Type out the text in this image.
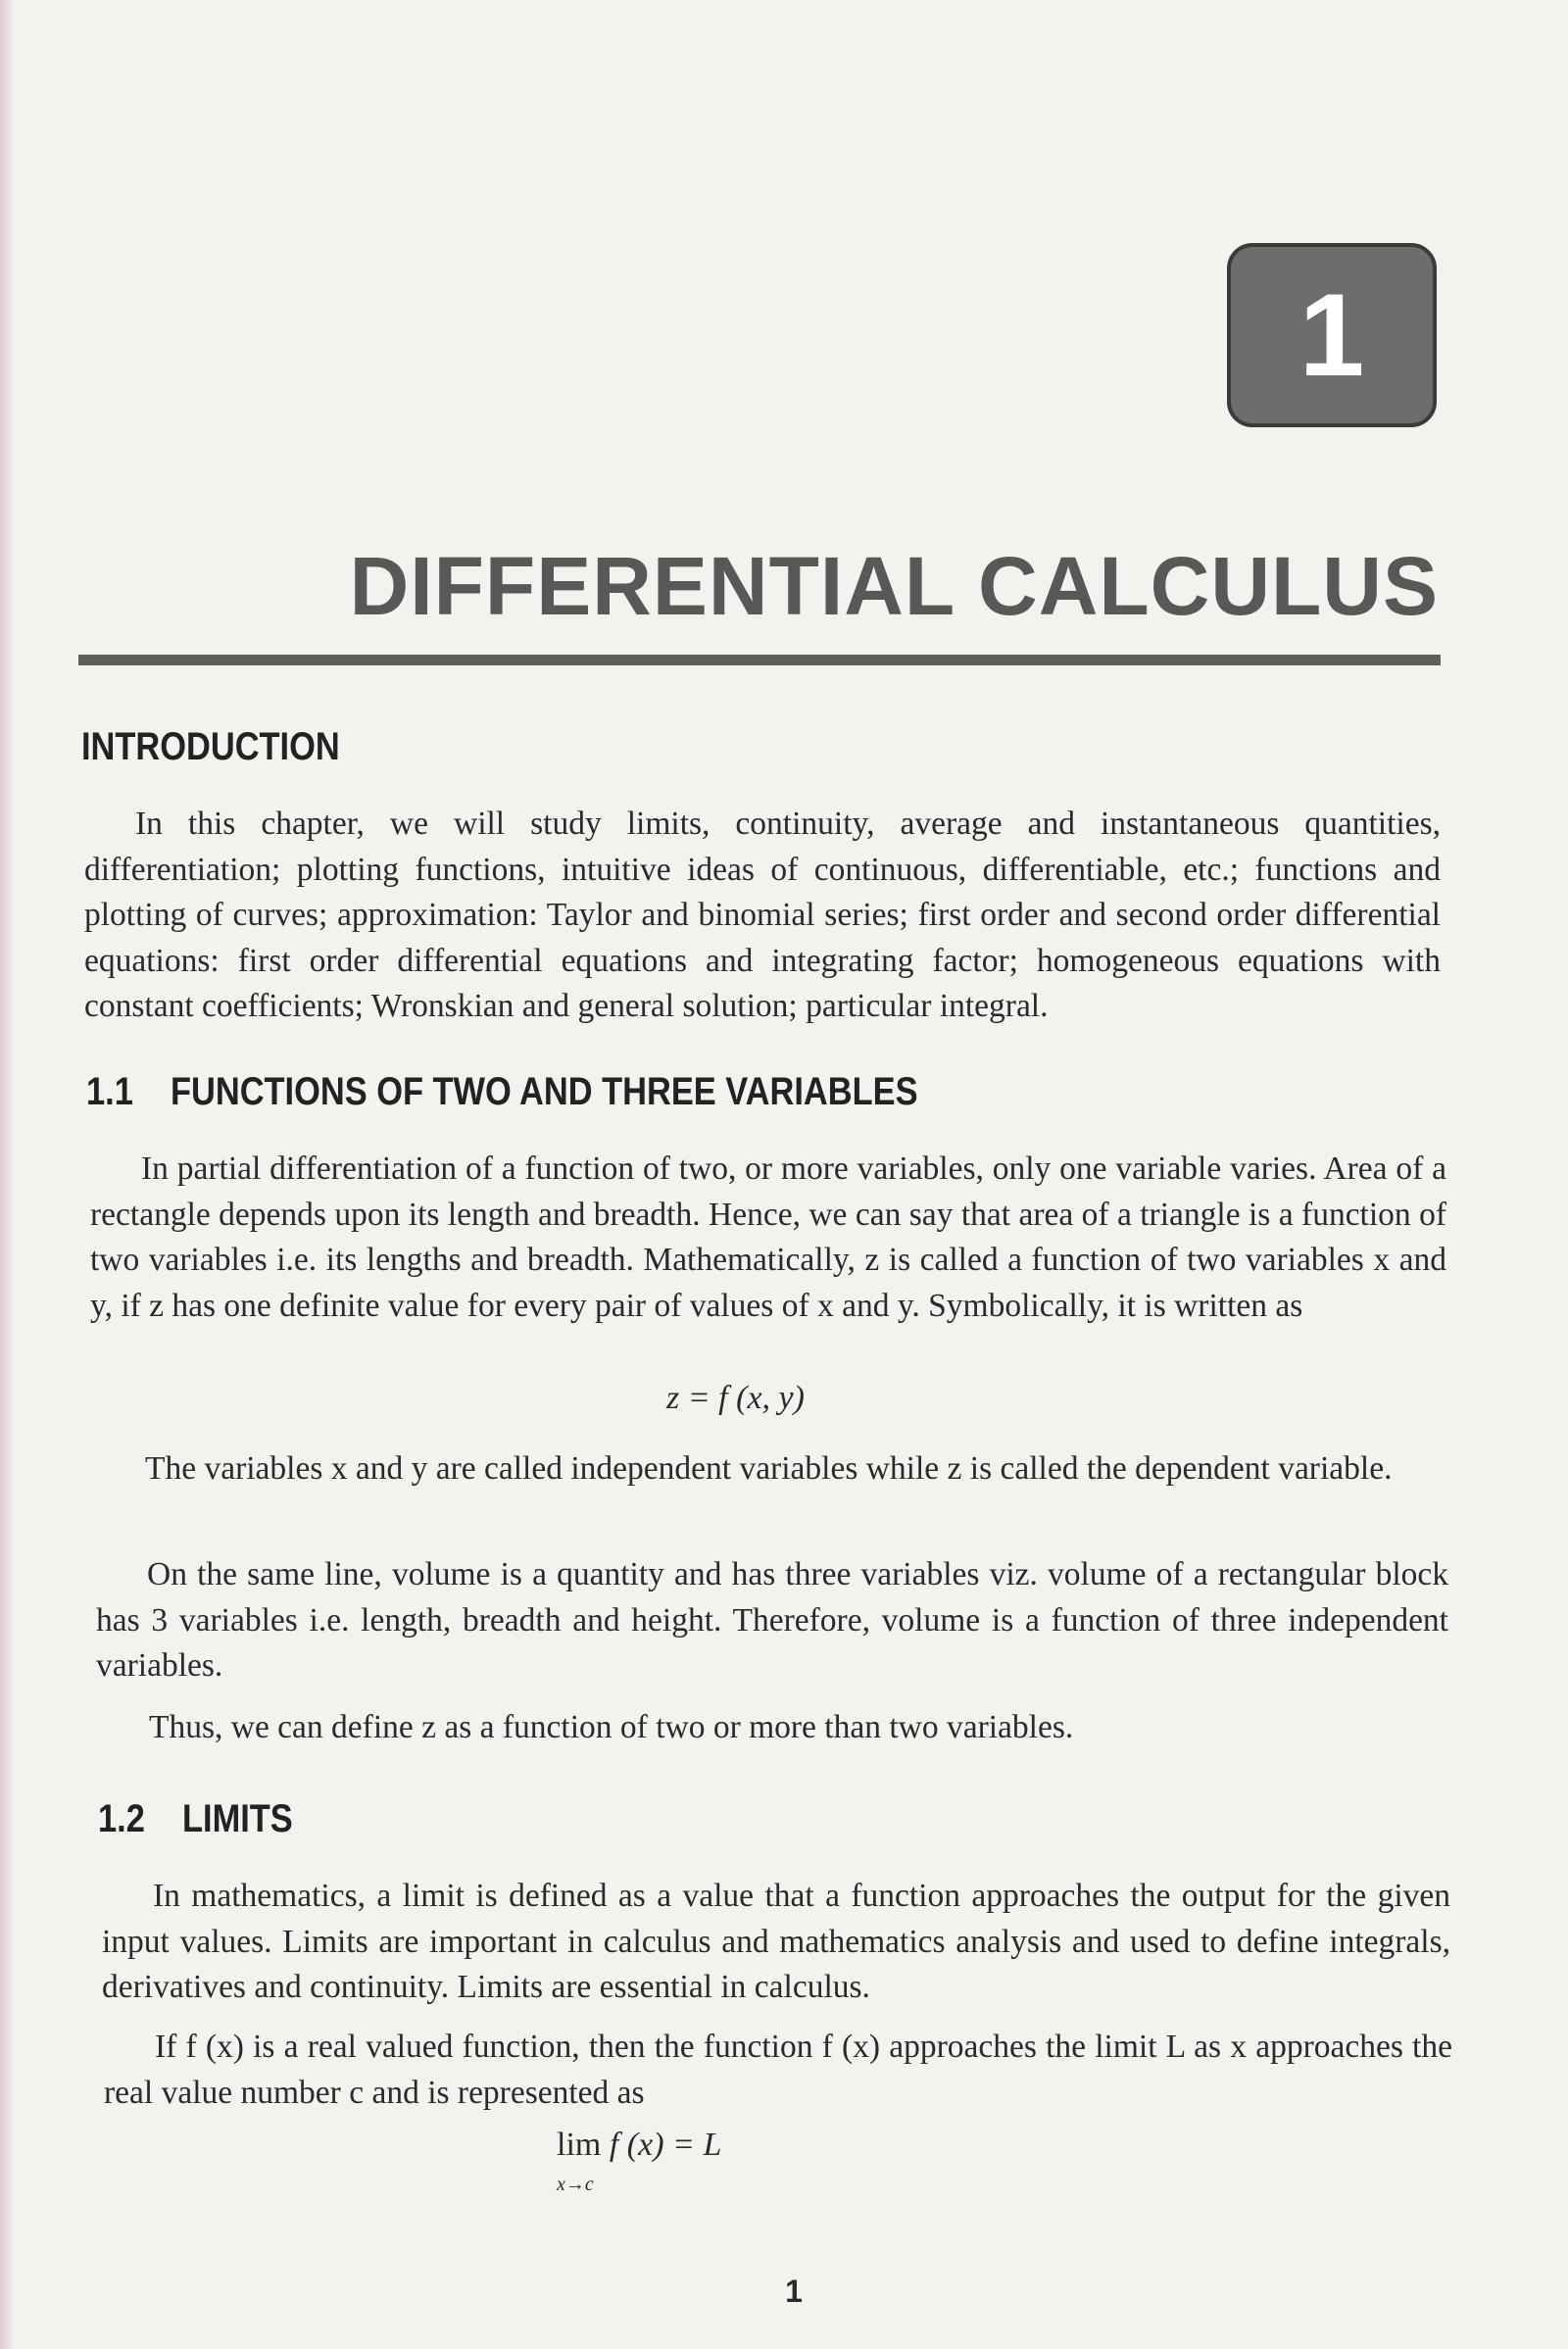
1
DIFFERENTIAL CALCULUS
INTRODUCTION

In this chapter, we will study limits, continuity, average and instantaneous quantities, differentiation; plotting functions, intuitive ideas of continuous, differentiable, etc.; functions and plotting of curves; approximation: Taylor and binomial series; first order and second order differential equations: first order differential equations and integrating factor; homogeneous equations with constant coefficients; Wronskian and general solution; particular integral.

1.1 FUNCTIONS OF TWO AND THREE VARIABLES

In partial differentiation of a function of two, or more variables, only one variable varies. Area of a rectangle depends upon its length and breadth. Hence, we can say that area of a triangle is a function of two variables i.e. its lengths and breadth. Mathematically, z is called a function of two variables x and y, if z has one definite value for every pair of values of x and y. Symbolically, it is written as

z = f (x, y)

The variables x and y are called independent variables while z is called the dependent variable.

On the same line, volume is a quantity and has three variables viz. volume of a rectangular block has 3 variables i.e. length, breadth and height. Therefore, volume is a function of three independent variables.

Thus, we can define z as a function of two or more than two variables.

1.2 LIMITS

In mathematics, a limit is defined as a value that a function approaches the output for the given input values. Limits are important in calculus and mathematics analysis and used to define integrals, derivatives and continuity. Limits are essential in calculus.

If f (x) is a real valued function, then the function f (x) approaches the limit L as x approaches the real value number c and is represented as

lim f (x) = L
x→c
1
